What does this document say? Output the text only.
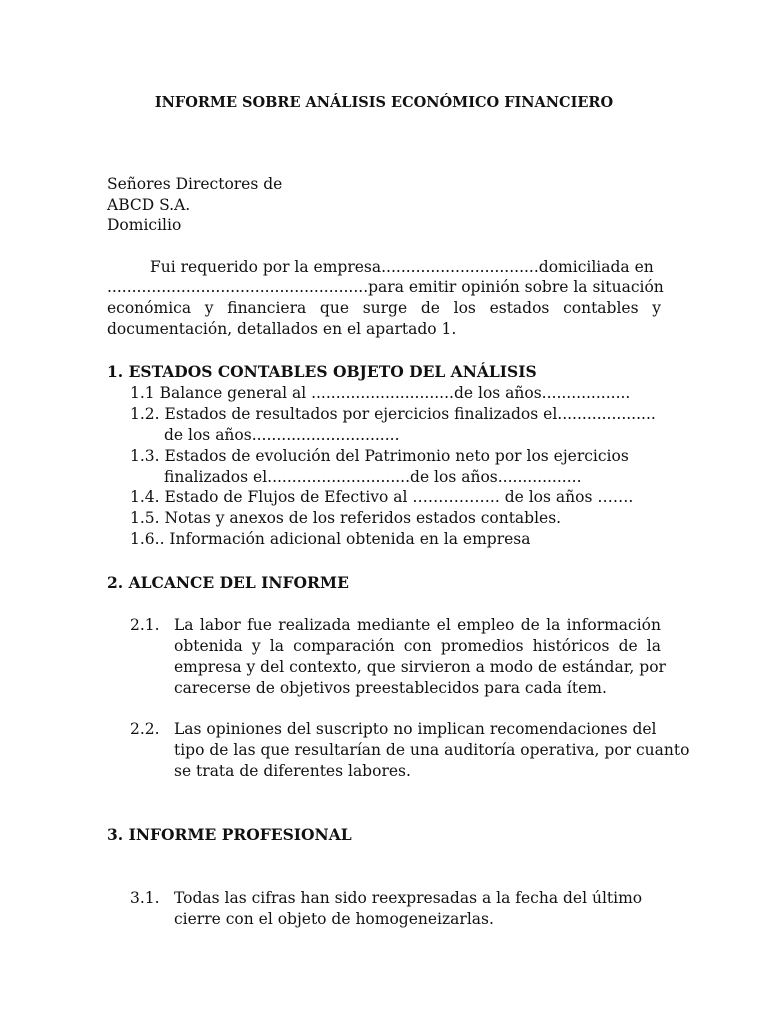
INFORME SOBRE ANÁLISIS ECONÓMICO FINANCIERO
Señores Directores de
ABCD S.A.
Domicilio
Fui requerido por la empresa................................domiciliada en
.....................................................para emitir opinión sobre la situación
económica y financiera que surge de los estados contables y
documentación, detallados en el apartado 1.
1. ESTADOS CONTABLES OBJETO DEL ANÁLISIS
1.1 Balance general al .............................de los años..................
1.2. Estados de resultados por ejercicios finalizados el....................
de los años..............................
1.3. Estados de evolución del Patrimonio neto por los ejercicios
finalizados el.............................de los años.................
1.4. Estado de Flujos de Efectivo al …………….. de los años …….
1.5. Notas y anexos de los referidos estados contables.
1.6.. Información adicional obtenida en la empresa
2. ALCANCE DEL INFORME
2.1. La labor fue realizada mediante el empleo de la información
obtenida y la comparación con promedios históricos de la
empresa y del contexto, que sirvieron a modo de estándar, por
carecerse de objetivos preestablecidos para cada ítem.
2.2. Las opiniones del suscripto no implican recomendaciones del
tipo de las que resultarían de una auditoría operativa, por cuanto
se trata de diferentes labores.
3. INFORME PROFESIONAL
3.1. Todas las cifras han sido reexpresadas a la fecha del último
cierre con el objeto de homogeneizarlas.
